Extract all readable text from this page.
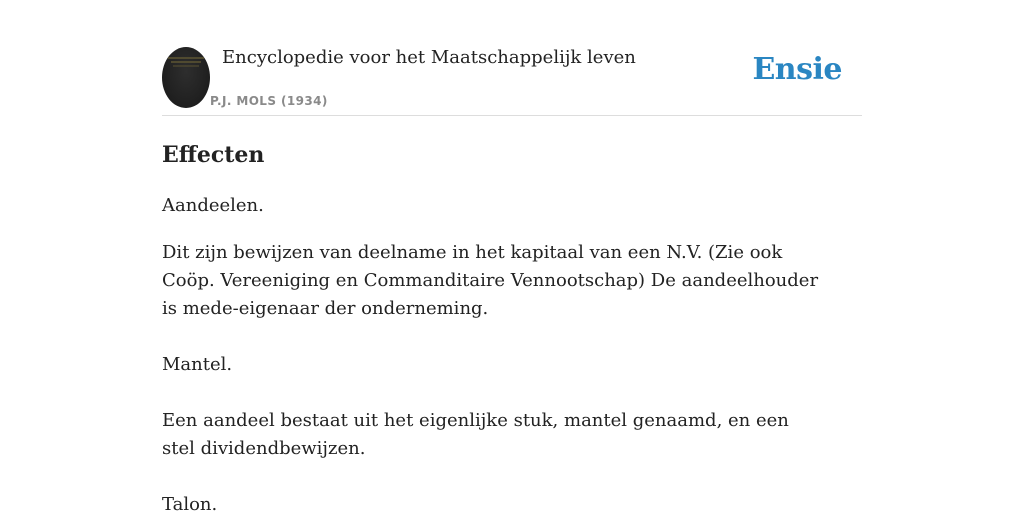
Encyclopedie voor het Maatschappelijk leven
P.J. MOLS (1934)
Ensie
Effecten

Aandeelen.

Dit zijn bewijzen van deelname in het kapitaal van een N.V. (Zie ook Coöp. Vereeniging en Commanditaire Vennootschap) De aandeelhouder is mede-eigenaar der onderneming.

Mantel.

Een aandeel bestaat uit het eigenlijke stuk, mantel genaamd, en een stel dividendbewijzen.

Talon.
